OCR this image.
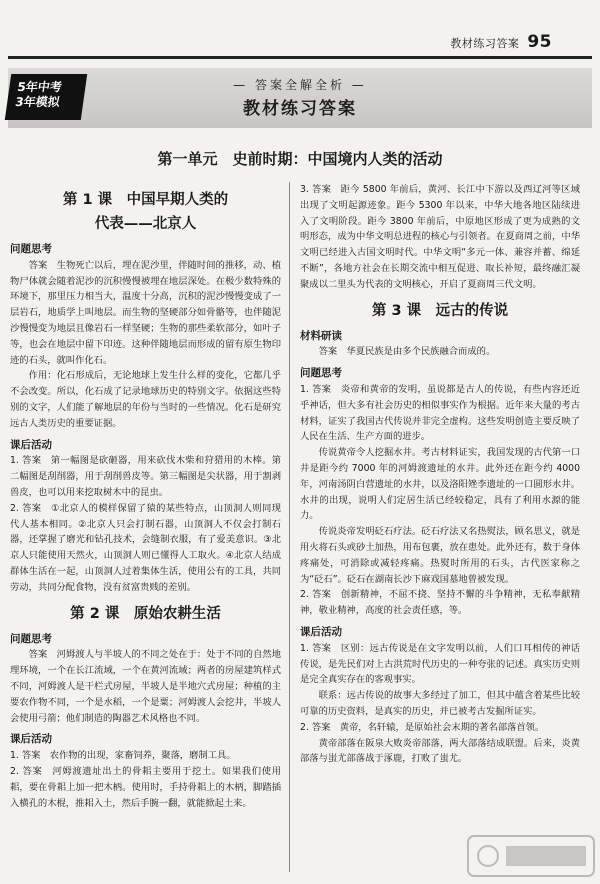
教材练习答案 95
5年中考
3年模拟
— 答案全解全析 —
教材练习答案
第一单元　史前时期：中国境内人类的活动
第 1 课　中国早期人类的
代表——北京人
问题思考

答案　生物死亡以后，埋在泥沙里，伴随时间的推移，动、植物尸体就会随着泥沙的沉积慢慢被埋在地层深处。在极少数特殊的环境下，那里压力相当大，温度十分高，沉积的泥沙慢慢变成了一层岩石，地质学上叫地层。而生物的坚硬部分如骨骼等，也伴随泥沙慢慢变为地层且像岩石一样坚硬；生物的那些柔软部分，如叶子等，也会在地层中留下印迹。这种伴随地层而形成的留有原生物印迹的石头，就叫作化石。

作用：化石形成后，无论地球上发生什么样的变化，它都几乎不会改变。所以，化石成了记录地球历史的特别文字。依据这些特别的文字，人们能了解地层的年份与当时的一些情况。化石是研究远古人类历史的重要证据。

课后活动

1. 答案　第一幅图是砍砸器，用来砍伐木柴和狩猎用的木棒。第二幅图是刮削器，用于刮削兽皮等。第三幅图是尖状器，用于割剥兽皮，也可以用来挖取树木中的昆虫。

2. 答案　①北京人的模样保留了猿的某些特点，山顶洞人则同现代人基本相同。②北京人只会打制石器，山顶洞人不仅会打制石器，还掌握了磨光和钻孔技术，会缝制衣服，有了爱美意识。③北京人只能使用天然火，山顶洞人则已懂得人工取火。④北京人结成群体生活在一起，山顶洞人过着集体生活，使用公有的工具，共同劳动，共同分配食物，没有贫富贵贱的差别。

第 2 课　原始农耕生活
问题思考

答案　河姆渡人与半坡人的不同之处在于：处于不同的自然地理环境，一个在长江流域，一个在黄河流域；两者的房屋建筑样式不同，河姆渡人是干栏式房屋，半坡人是半地穴式房屋；种植的主要农作物不同，一个是水稻，一个是粟；河姆渡人会挖井，半坡人会使用弓箭；他们制造的陶器艺术风格也不同。

课后活动

1. 答案　农作物的出现，家畜饲养，聚落，磨制工具。

2. 答案　河姆渡遗址出土的骨耜主要用于挖土。如果我们使用耜，要在骨耜上加一把木柄。使用时，手持骨耜上的木柄，脚踏插入横孔的木棍，推耜入土，然后手腕一翻，就能掀起土来。

3. 答案　距今 5800 年前后，黄河、长江中下游以及西辽河等区域出现了文明起源迹象。距今 5300 年以来，中华大地各地区陆续进入了文明阶段。距今 3800 年前后，中原地区形成了更为成熟的文明形态，成为中华文明总进程的核心与引领者。在夏商周之前，中华文明已经进入古国文明时代。中华文明“多元一体、兼容并蓄、绵延不断”，各地方社会在长期交流中相互促进、取长补短，最终融汇凝聚成以二里头为代表的文明核心，开启了夏商周三代文明。

第 3 课　远古的传说
材料研读

答案　华夏民族是由多个民族融合而成的。

问题思考

1. 答案　炎帝和黄帝的发明，虽说都是古人的传说，有些内容还近乎神话，但大多有社会历史的相似事实作为根据。近年来大量的考古材料，证实了我国古代传说并非完全虚构。这些发明创造主要反映了人民在生活、生产方面的进步。

传说黄帝令人挖掘水井。考古材料证实，我国发现的古代第一口井是距今约 7000 年的河姆渡遗址的水井。此外还在距今约 4000 年，河南汤阴白营遗址的水井，以及洛阳矬李遗址的一口圆形水井。水井的出现，说明人们定居生活已经较稳定，具有了利用水源的能力。

传说炎帝发明砭石疗法。砭石疗法又名热熨法，顾名思义，就是用火将石头或砂土加热，用布包裹，放在患处。此外还有，数于身体疼痛处，可消除或减轻疼痛。热熨时所用的石头，古代医家称之为“砭石”。砭石在湖南长沙下麻戏国墓地曾被发现。

2. 答案　创新精神，不屈不挠、坚持不懈的斗争精神，无私奉献精神，敬业精神，高度的社会责任感，等。

课后活动

1. 答案　区别：远古传说是在文字发明以前，人们口耳相传的神话传说，是先民们对上古洪荒时代历史的一种夸张的记述。真实历史则是完全真实存在的客观事实。

联系：远古传说的故事大多经过了加工，但其中蕴含着某些比较可靠的历史资料，是真实的历史，并已被考古发掘所证实。

2. 答案　黄帝，名轩辕，是原始社会末期的著名部落首领。

黄帝部落在阪泉大败炎帝部落，两大部落结成联盟。后来，炎黄部落与蚩尤部落战于涿鹿，打败了蚩尤。
